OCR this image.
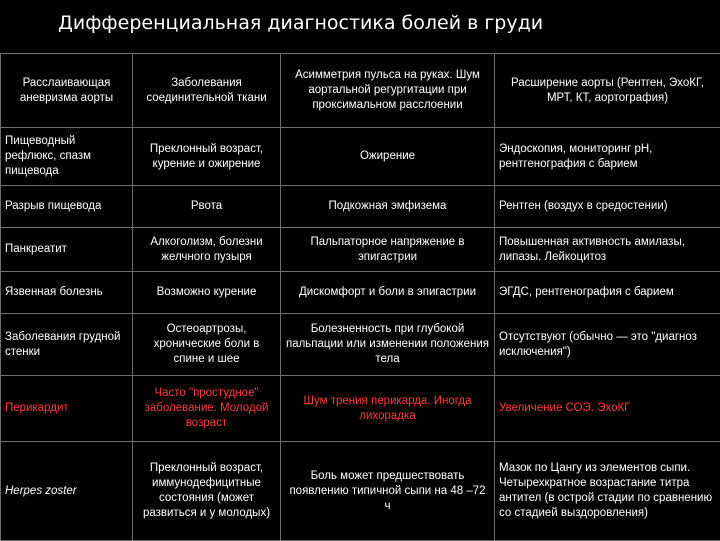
Дифференциальная диагностика болей в груди
Расслаивающая аневризма аорты	Заболевания соединительной ткани	Асимметрия пульса на руках. Шум аортальной регургитации при проксимальном расслоении	Расширение аорты (Рентген, ЭхоКГ, МРТ, КТ, аортография)
Пищеводный рефлюкс, спазм пищевода	Преклонный возраст, курение и ожирение	Ожирение	Эндоскопия, мониторинг pH, рентгенография с барием
Разрыв пищевода	Рвота	Подкожная эмфизема	Рентген (воздух в средостении)
Панкреатит	Алкоголизм, болезни желчного пузыря	Пальпаторное напряжение в эпигастрии	Повышенная активность амилазы, липазы. Лейкоцитоз
Язвенная болезнь	Возможно курение	Дискомфорт и боли в эпигастрии	ЭГДС, рентгенография с барием
Заболевания грудной стенки	Остеоартрозы, хронические боли в спине и шее	Болезненность при глубокой пальпации или изменении положения тела	Отсутствуют (обычно — это "диагноз исключения")
Перикардит	Часто "простудное" заболевание. Молодой возраст	Шум трения перикарда. Иногда лихорадка	Увеличение СОЭ. ЭхоКГ
Herpes zoster	Преклонный возраст, иммунодефицитные состояния (может развиться и у молодых)	Боль может предшествовать появлению типичной сыпи на 48 –72 ч	Мазок по Цангу из элементов сыпи. Четырехкратное возрастание титра антител (в острой стадии по сравнению со стадией выздоровления)
